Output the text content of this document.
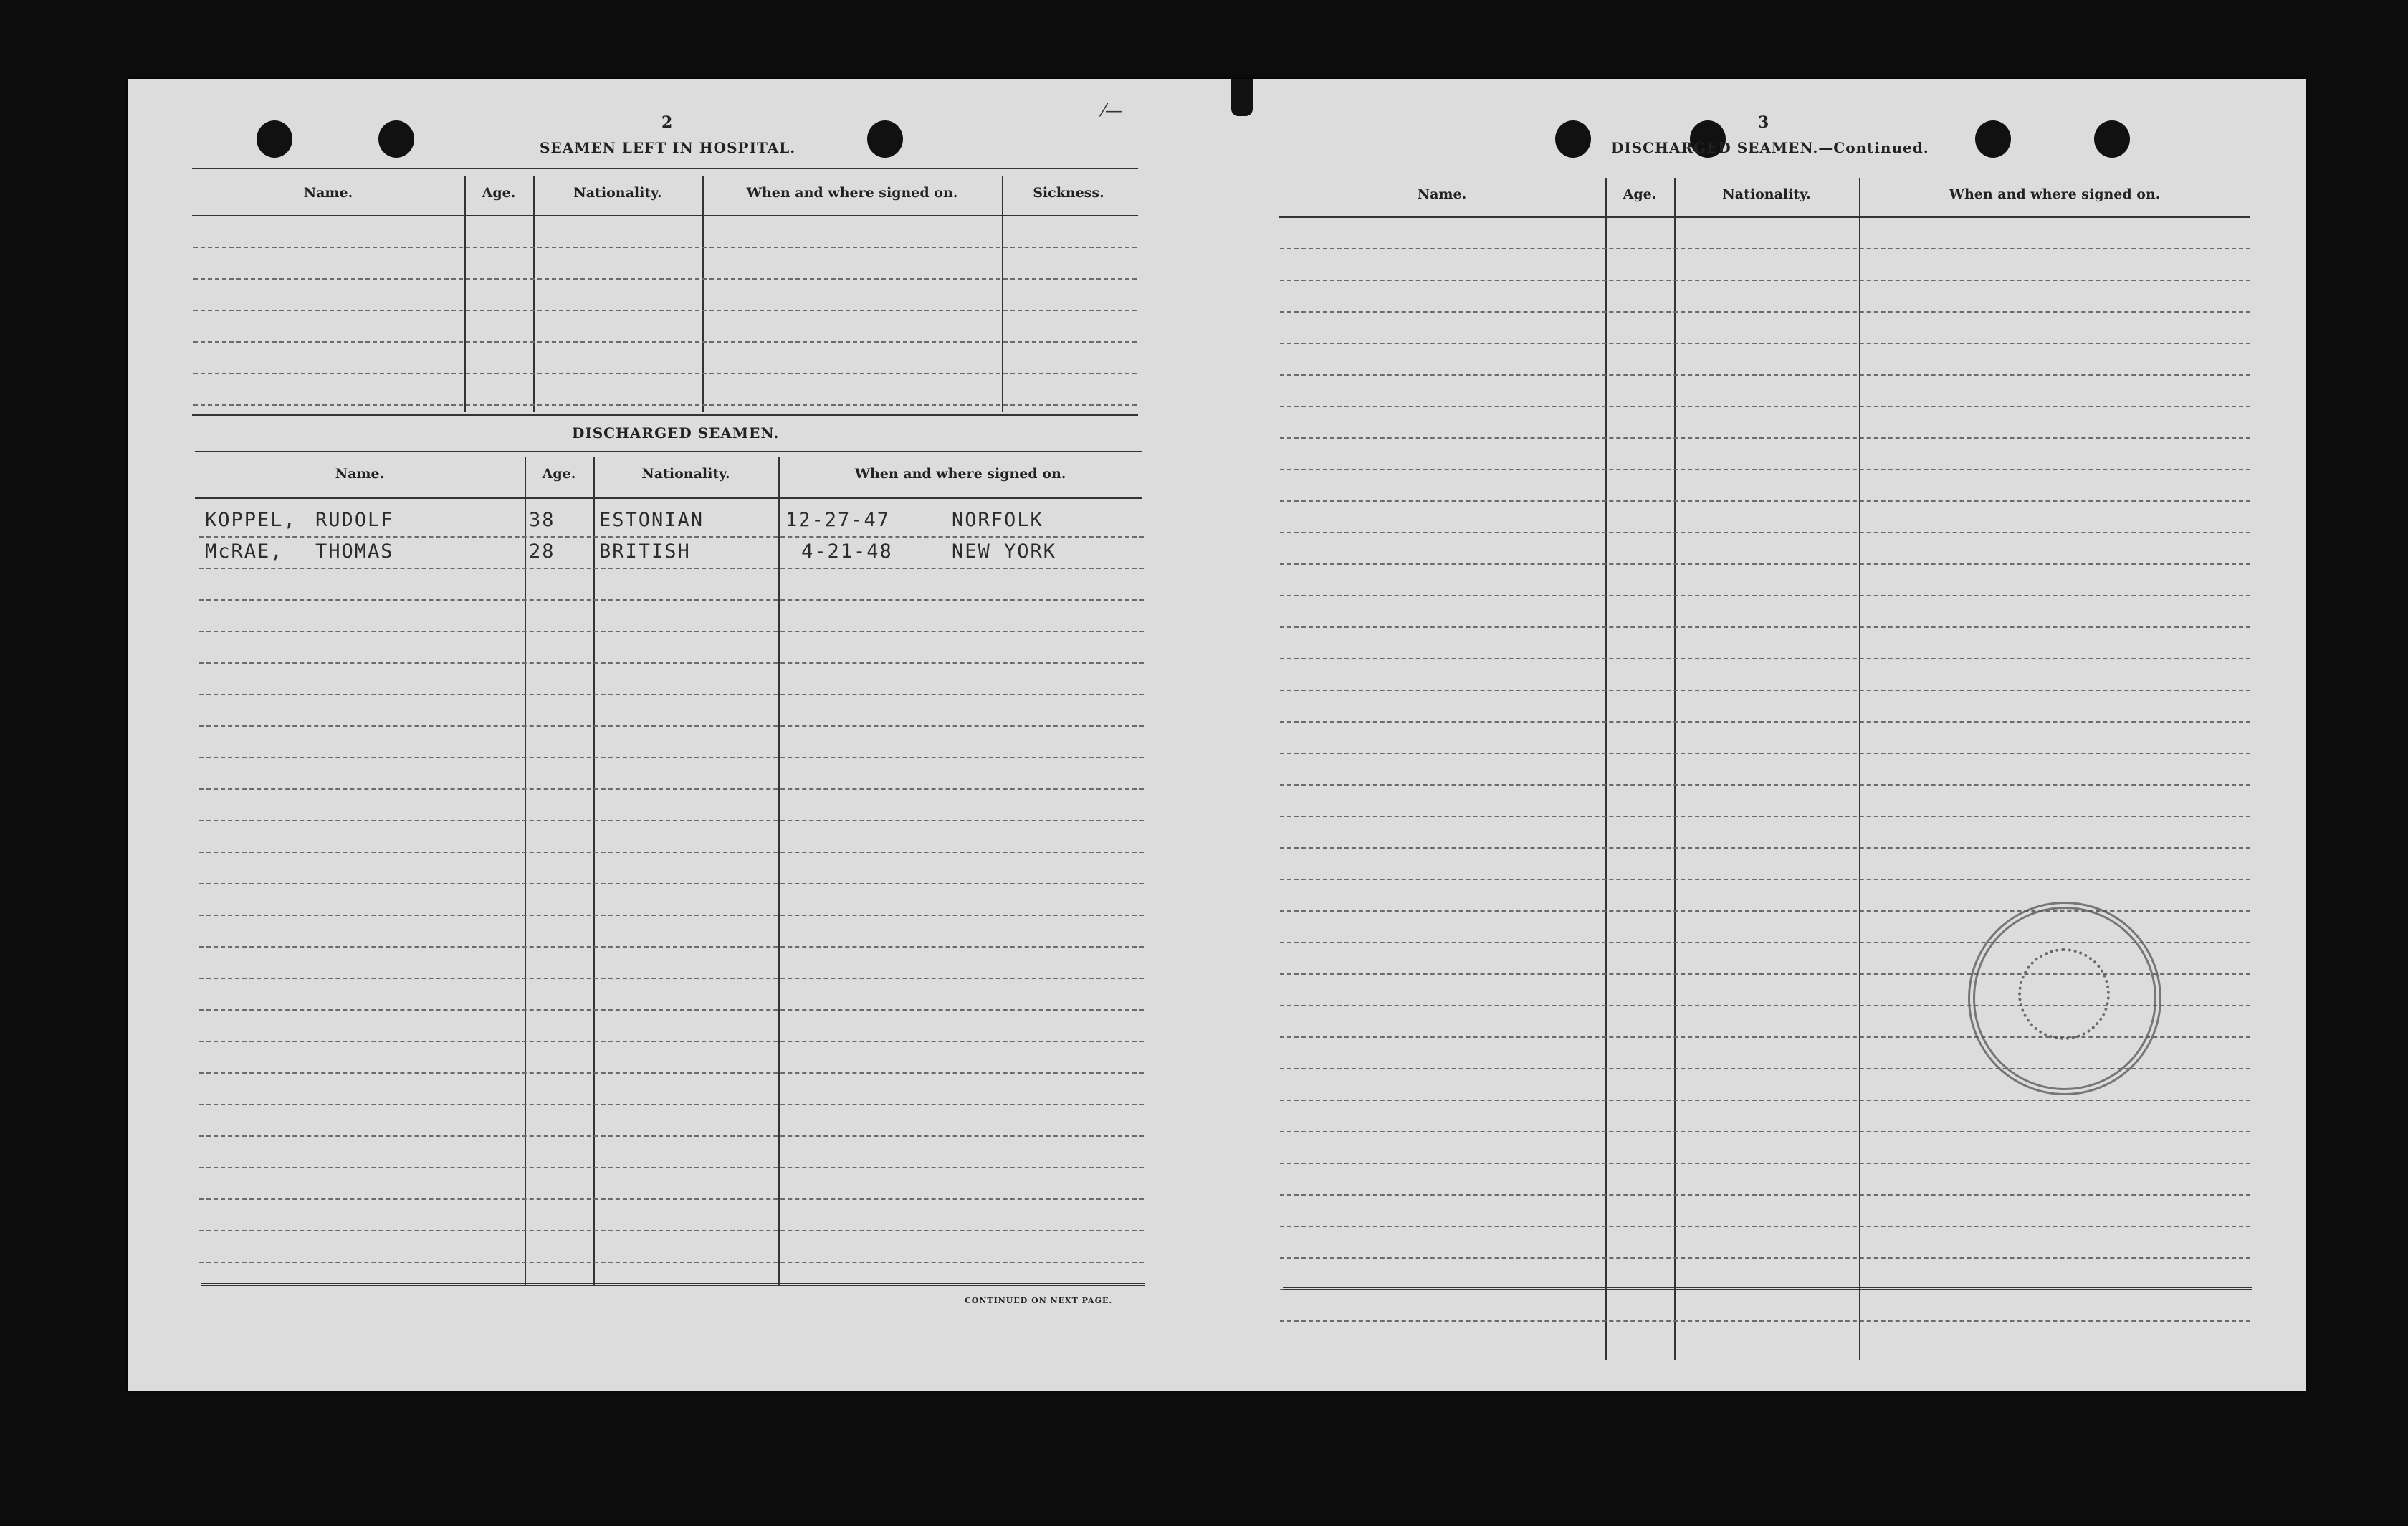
⁄—
2
SEAMEN LEFT IN HOSPITAL.
Name.	Age.	Nationality.	When and where signed on.	Sickness.
DISCHARGED SEAMEN.
Name.	Age.	Nationality.	When and where signed on.
KOPPEL, RUDOLF	38 ESTONIAN	12-27-47	NORFOLK
McRAE, THOMAS	28 BRITISH	4-21-48	NEW YORK
CONTINUED ON NEXT PAGE.
3
DISCHARGED SEAMEN.—Continued.
Name.	Age.	Nationality.	When and where signed on.
